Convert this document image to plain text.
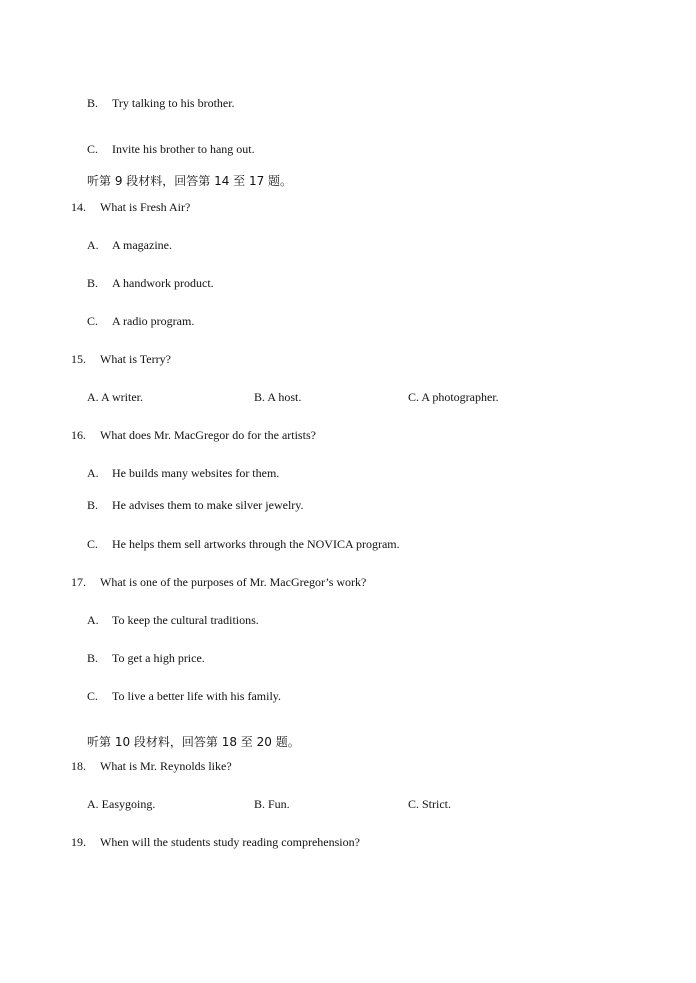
B. Try talking to his brother.
C. Invite his brother to hang out.
听第 9 段材料，回答第 14 至 17 题。
14. What is Fresh Air?
A. A magazine.
B. A handwork product.
C. A radio program.
15. What is Terry?
A. A writer.	B. A host.	C. A photographer.
16. What does Mr. MacGregor do for the artists?
A. He builds many websites for them.
B. He advises them to make silver jewelry.
C. He helps them sell artworks through the NOVICA program.
17. What is one of the purposes of Mr. MacGregor’s work?
A. To keep the cultural traditions.
B. To get a high price.
C. To live a better life with his family.
听第 10 段材料，回答第 18 至 20 题。
18. What is Mr. Reynolds like?
A. Easygoing.	B. Fun.	C. Strict.
19. When will the students study reading comprehension?
